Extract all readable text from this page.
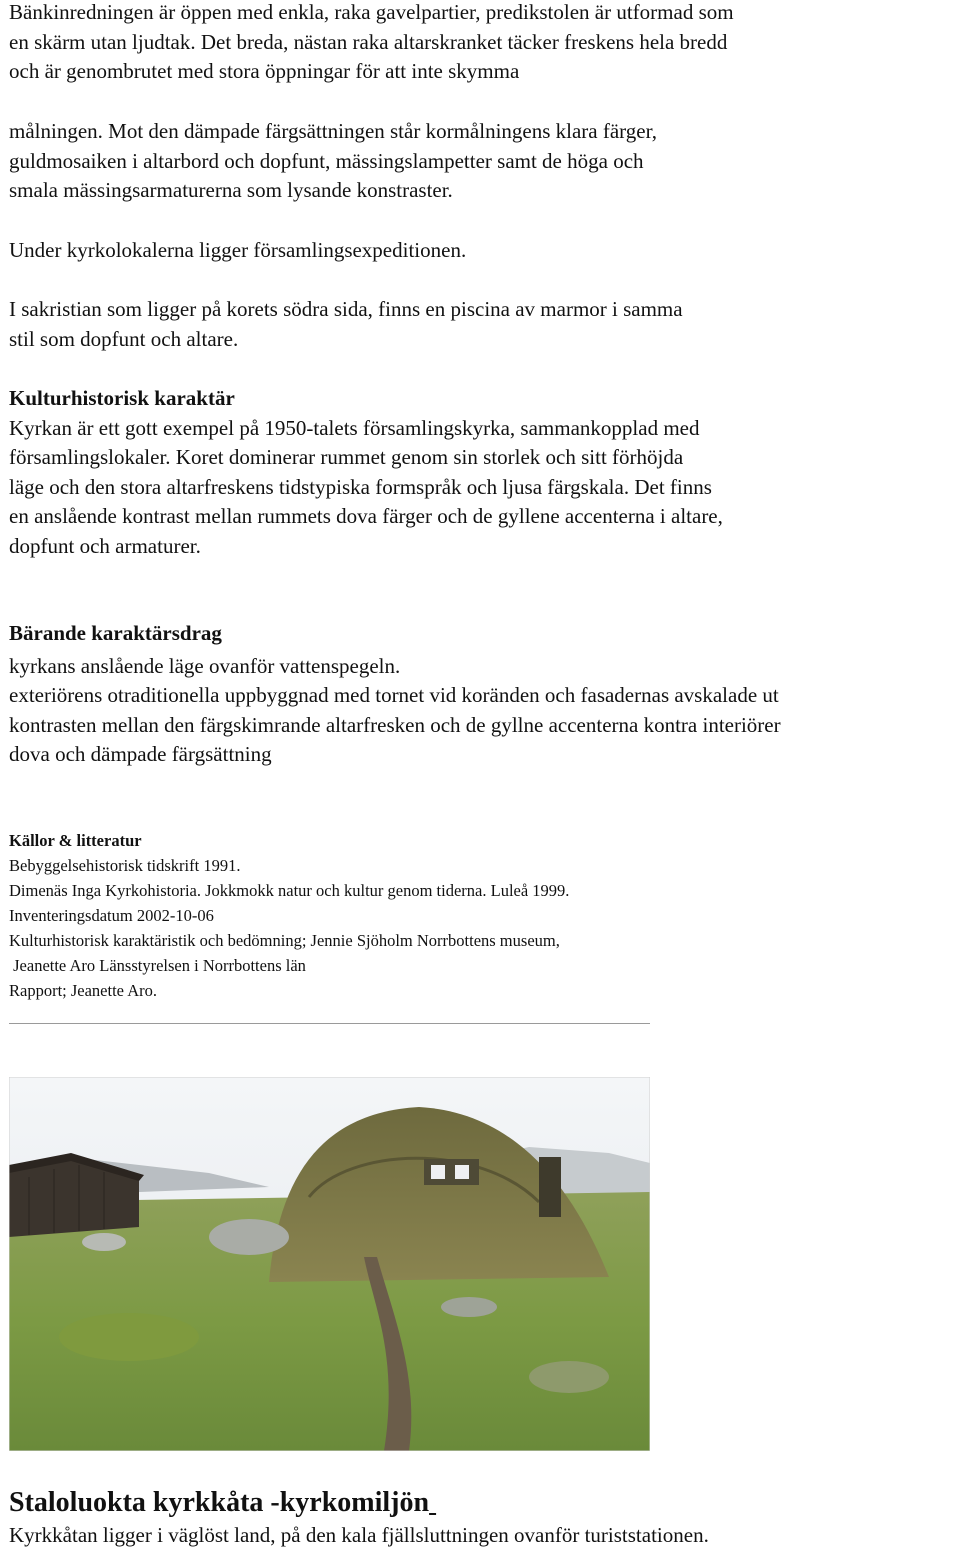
Bänkinredningen är öppen med enkla, raka gavelpartier, predikstolen är utformad som

en skärm utan ljudtak. Det breda, nästan raka altarskranket täcker freskens hela bredd

och är genombrutet med stora öppningar för att inte skymma

målningen. Mot den dämpade färgsättningen står kormålningens klara färger,

guldmosaiken i altarbord och dopfunt, mässingslampetter samt de höga och

smala mässingsarmaturerna som lysande konstraster.

Under kyrkolokalerna ligger församlingsexpeditionen.

I sakristian som ligger på korets södra sida, finns en piscina av marmor i samma

stil som dopfunt och altare.

Kulturhistorisk karaktär

Kyrkan är ett gott exempel på 1950-talets församlingskyrka, sammankopplad med

församlingslokaler. Koret dominerar rummet genom sin storlek och sitt förhöjda

läge och den stora altarfreskens tidstypiska formspråk och ljusa färgskala. Det finns

en anslående kontrast mellan rummets dova färger och de gyllene accenterna i altare,

dopfunt och armaturer.

Bärande karaktärsdrag

kyrkans anslående läge ovanför vattenspegeln.

exteriörens otraditionella uppbyggnad med tornet vid koränden och fasadernas avskalade ut

kontrasten mellan den färgskimrande altarfresken och de gyllne accenterna kontra interiörer

dova och dämpade färgsättning

Källor & litteratur

Bebyggelsehistorisk tidskrift 1991.

Dimenäs Inga Kyrkohistoria. Jokkmokk natur och kultur genom tiderna. Luleå 1999.

Inventeringsdatum 2002-10-06

Kulturhistorisk karaktäristik och bedömning; Jennie Sjöholm Norrbottens museum,

Jeanette Aro Länsstyrelsen i Norrbottens län

Rapport; Jeanette Aro.

Staloluokta kyrkkåta -kyrkomiljön
Kyrkkåtan ligger i väglöst land, på den kala fjällsluttningen ovanför turiststationen.
